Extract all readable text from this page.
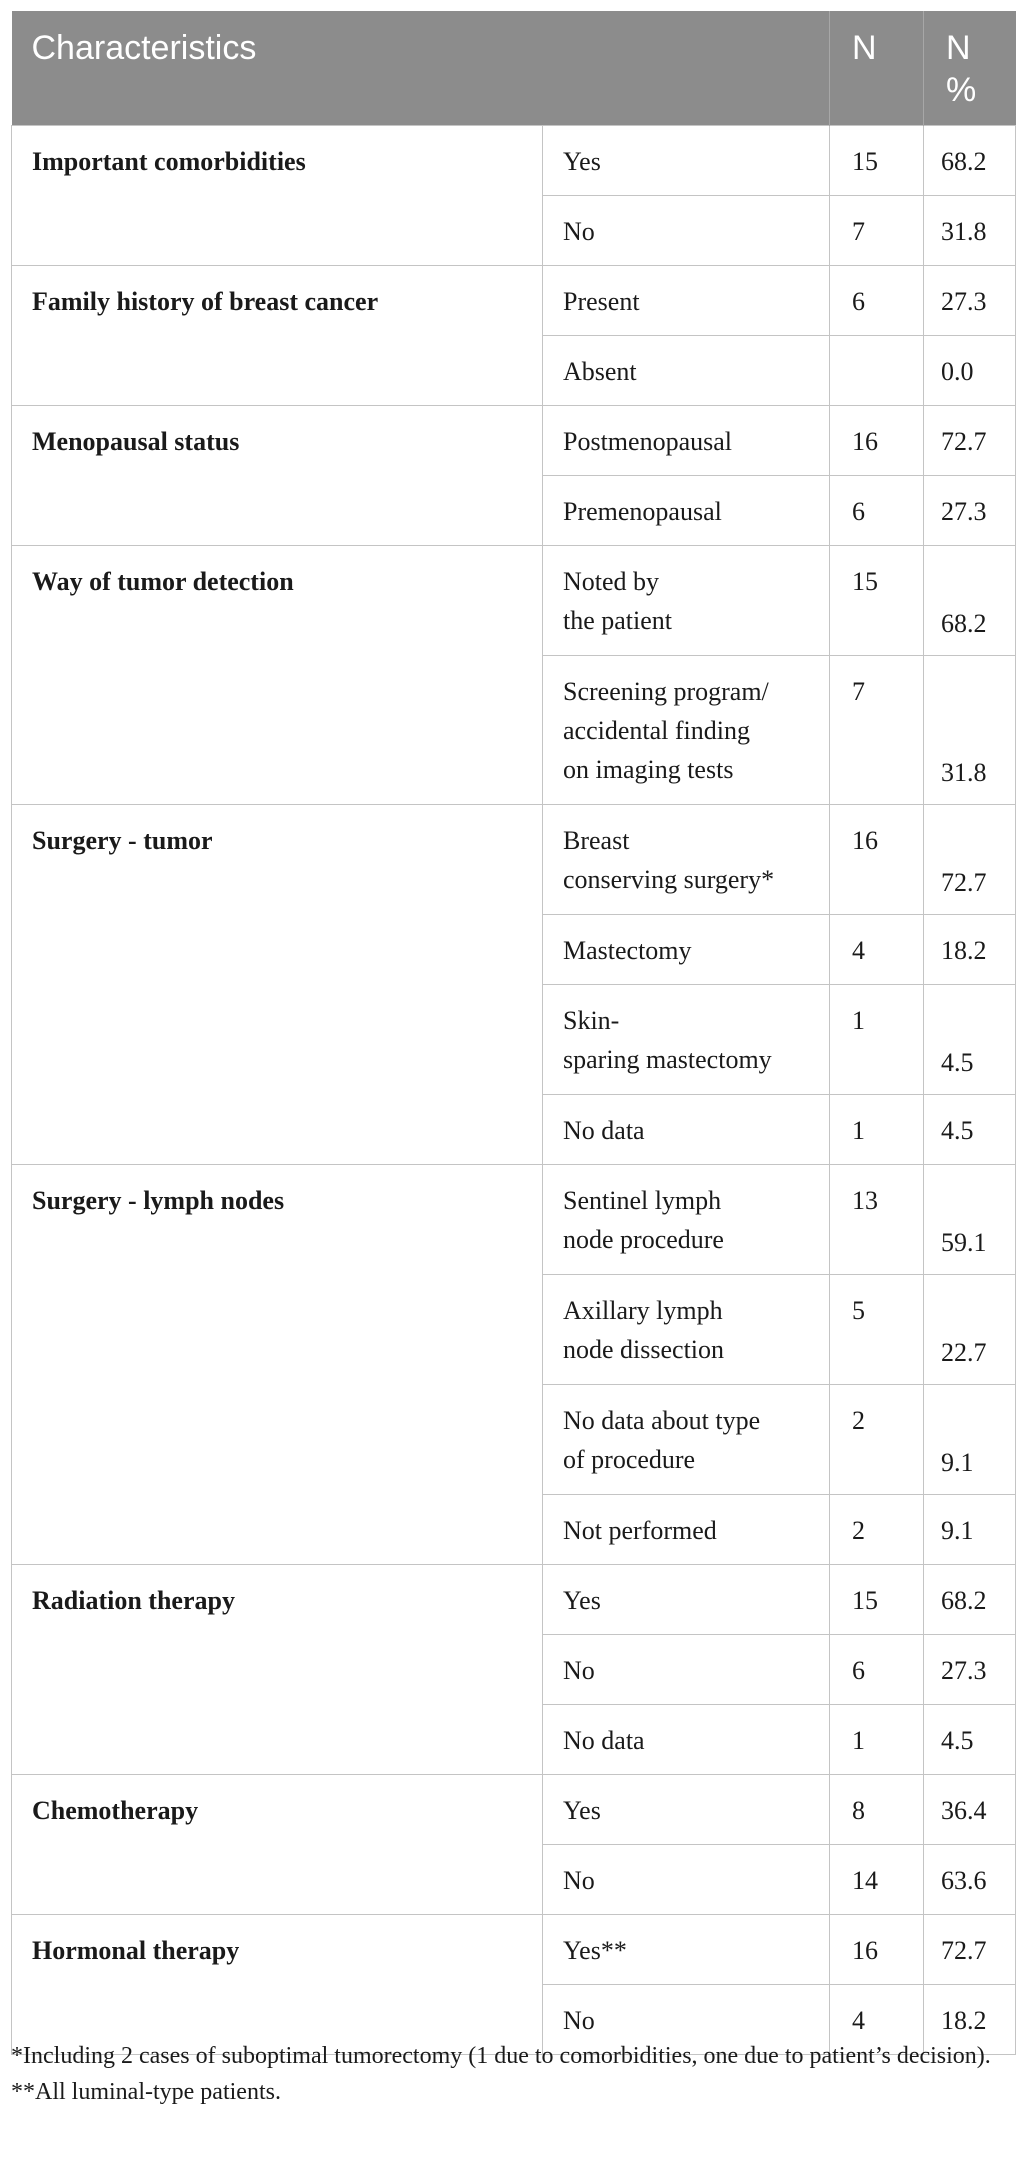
Characteristics		N	N
%

Important comorbidities	Yes	15	68.2

	No	7	31.8

Family history of breast cancer	Present	6	27.3

	Absent		0.0

Menopausal status	Postmenopausal	16	72.7

	Premenopausal	6	27.3

Way of tumor detection	Noted by
the patient	15	68.2

	Screening program/
accidental finding
on imaging tests	7	31.8

Surgery - tumor	Breast
conserving surgery*	16	72.7

	Mastectomy	4	18.2

	Skin-
sparing mastectomy	1	4.5

	No data	1	4.5

Surgery - lymph nodes	Sentinel lymph
node procedure	13	59.1

	Axillary lymph
node dissection	5	22.7

	No data about type
of procedure	2	9.1

	Not performed	2	9.1

Radiation therapy	Yes	15	68.2

	No	6	27.3

	No data	1	4.5

Chemotherapy	Yes	8	36.4

	No	14	63.6

Hormonal therapy	Yes**	16	72.7

	No	4	18.2

*Including 2 cases of suboptimal tumorectomy (1 due to comorbidities, one due to patient’s decision).

**All luminal-type patients.
